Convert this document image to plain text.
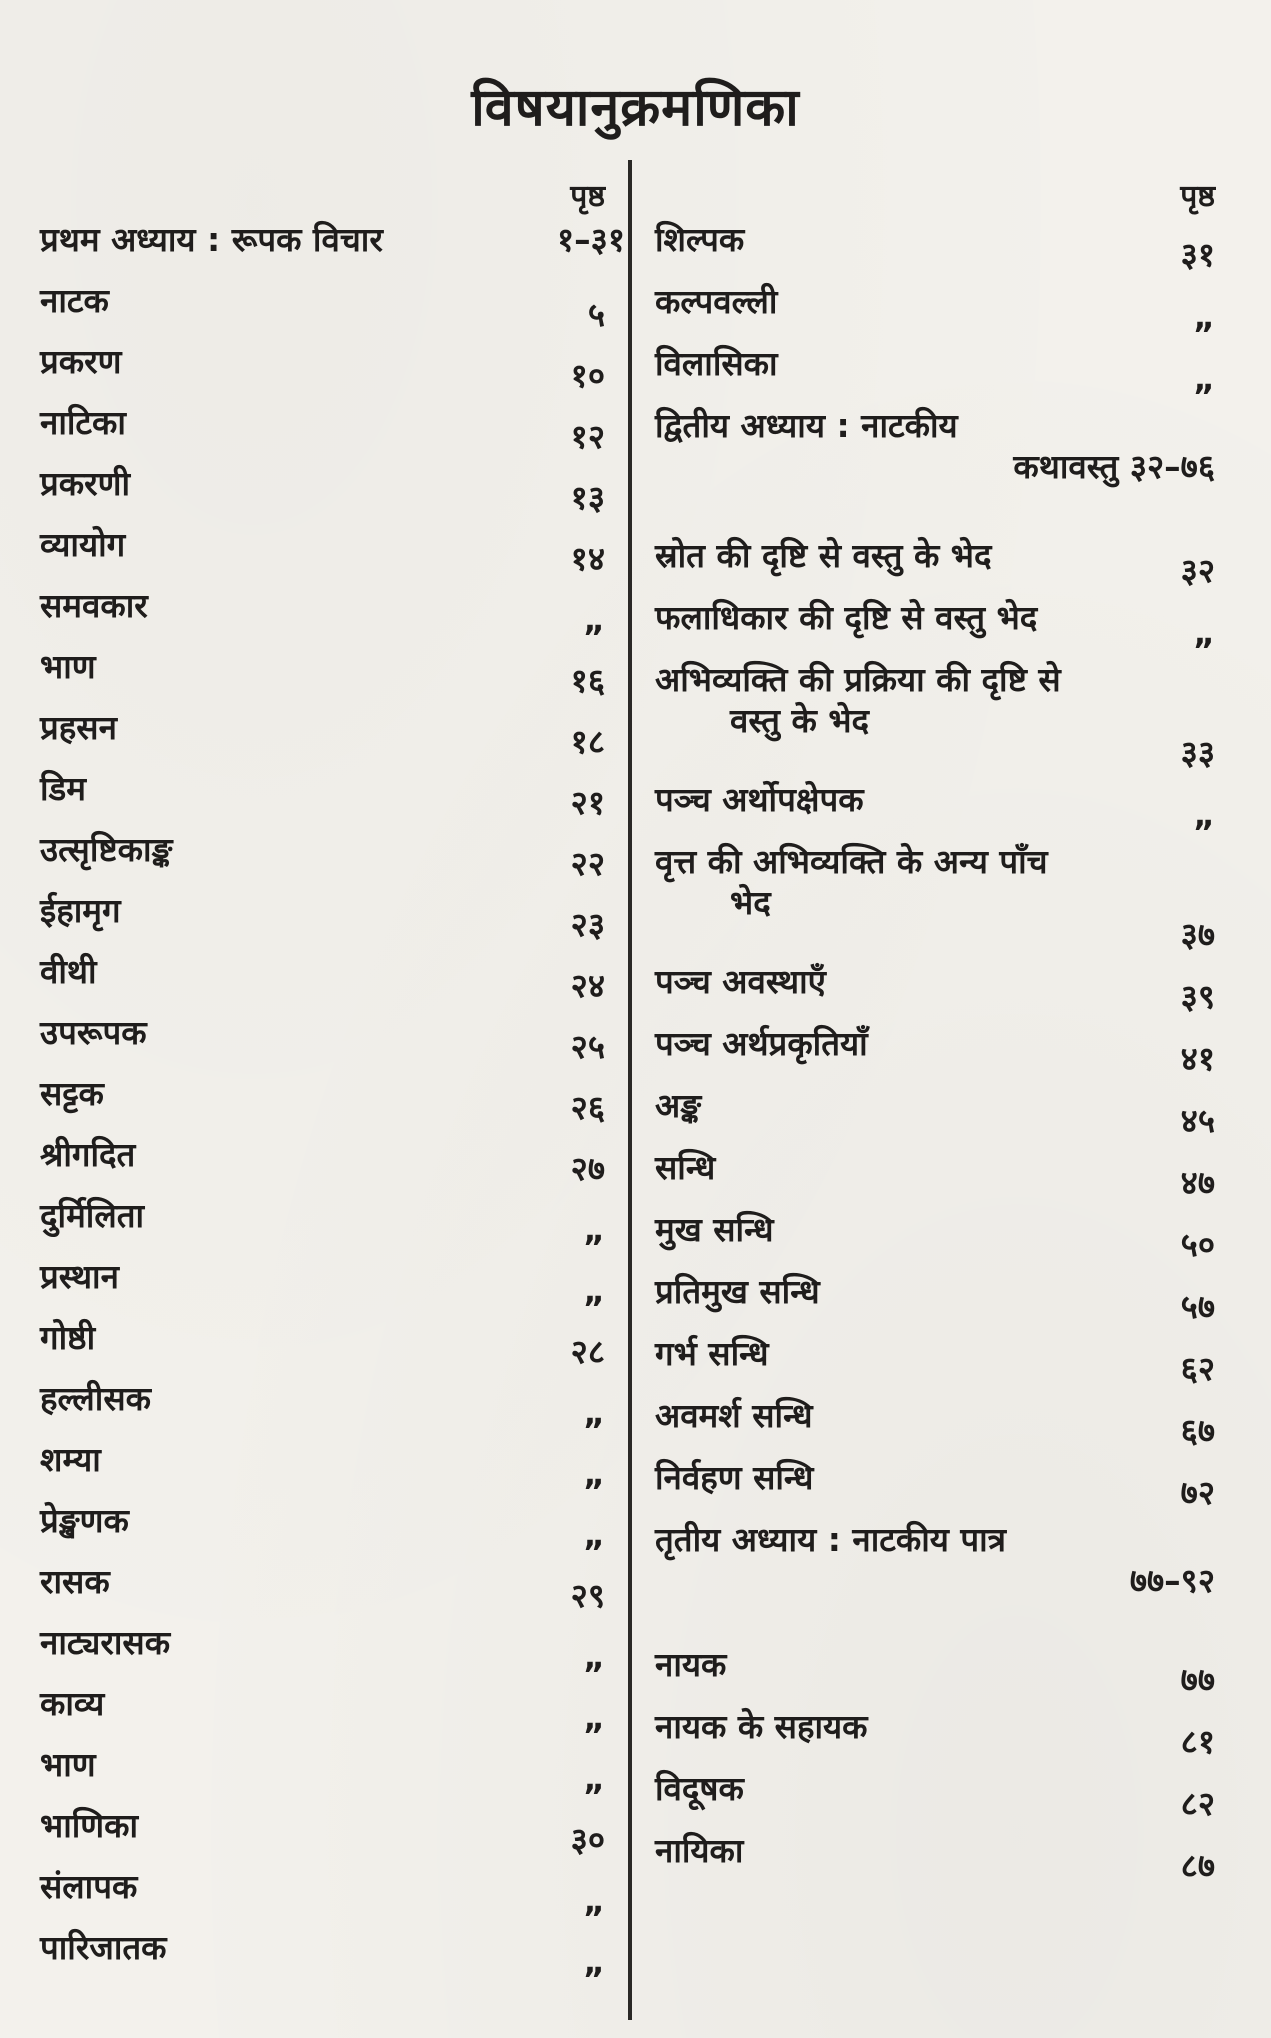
विषयानुक्रमणिका
पृष्ठ
प्रथम अध्याय : रूपक विचार	१–३१
नाटक	५
प्रकरण	१०
नाटिका	१२
प्रकरणी	१३
व्यायोग	१४
समवकार	„
भाण	१६
प्रहसन	१८
डिम	२१
उत्सृष्टिकाङ्क	२२
ईहामृग	२३
वीथी	२४
उपरूपक	२५
सट्टक	२६
श्रीगदित	२७
दुर्मिलिता	„
प्रस्थान	„
गोष्ठी	२८
हल्लीसक	„
शम्या	„
प्रेङ्खणक	„
रासक	२९
नाट्यरासक	„
काव्य	„
भाण	„
भाणिका	३०
संलापक	„
पारिजातक	„
पृष्ठ
शिल्पक	३१
कल्पवल्ली	„
विलासिका	„
द्वितीय अध्याय : नाटकीय
कथावस्तु ३२–७६
स्रोत की दृष्टि से वस्तु के भेद	३२
फलाधिकार की दृष्टि से वस्तु भेद	„
अभिव्यक्ति की प्रक्रिया की दृष्टि से
वस्तु के भेद
३३
पञ्च अर्थोपक्षेपक	„
वृत्त की अभिव्यक्ति के अन्य पाँच
भेद
३७
पञ्च अवस्थाएँ	३९
पञ्च अर्थप्रकृतियाँ	४१
अङ्क	४५
सन्धि	४७
मुख सन्धि	५०
प्रतिमुख सन्धि	५७
गर्भ सन्धि	६२
अवमर्श सन्धि	६७
निर्वहण सन्धि	७२
तृतीय अध्याय : नाटकीय पात्र
७७–९२
नायक	७७
नायक के सहायक	८१
विदूषक	८२
नायिका	८७
